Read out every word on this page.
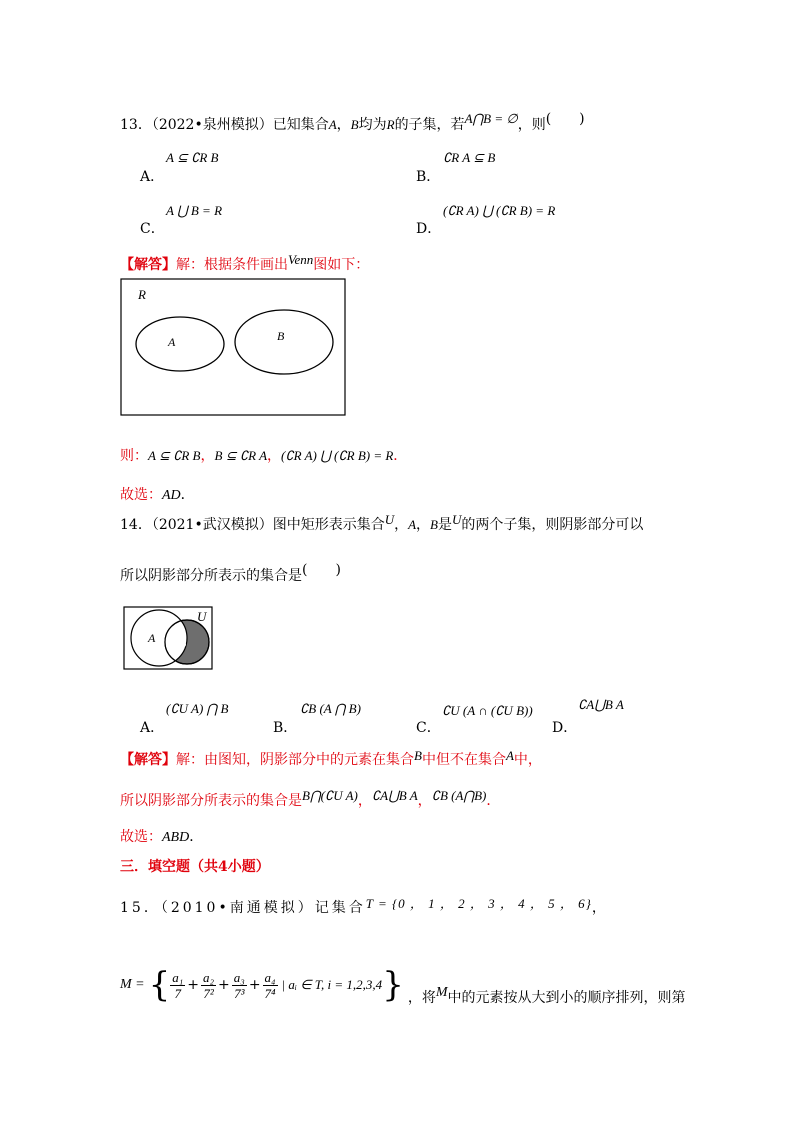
13．（2022•泉州模拟）已知集合A，B均为R的子集，若A⋂B = ∅，则(　　)
A ⊆ ∁R B
A．
∁R A ⊆ B
B．
A ⋃ B = R
C．
(∁R A) ⋃ (∁R B) = R
D．
【解答】解：根据条件画出Venn图如下：
R
A	B
则：A ⊆ ∁R B，B ⊆ ∁R A，(∁R A) ⋃ (∁R B) = R．
故选：AD．
14．（2021•武汉模拟）图中矩形表示集合U，A，B是U的两个子集，则阴影部分可以
所以阴影部分所表示的集合是(　　)
U
A B
(∁U A) ⋂ B
A．
∁B (A ⋂ B)
B．
∁U (A ∩ (∁U B))
C．
∁A⋃B A
D．
【解答】解：由图知，阴影部分中的元素在集合B中但不在集合A中，
所以阴影部分所表示的集合是B⋂(∁U A)，∁A⋃B A，∁B (A⋂B)．
故选：ABD．
三．填空题（共4小题）
15．（2010•南通模拟）记集合T = {0 ， 1 ， 2 ， 3 ， 4 ， 5 ， 6}，
M = { $\frac{\text{a₁}}{7} + \frac{\text{a₂}}{\text{7²}} + \frac{\text{a₃}}{\text{7³}} + \frac{\text{a₄}}{\text{7⁴}}$ | aᵢ ∈ T, i = 1,2,3,4 } ，将 M 中的元素按从大到小的顺序排列，则第
